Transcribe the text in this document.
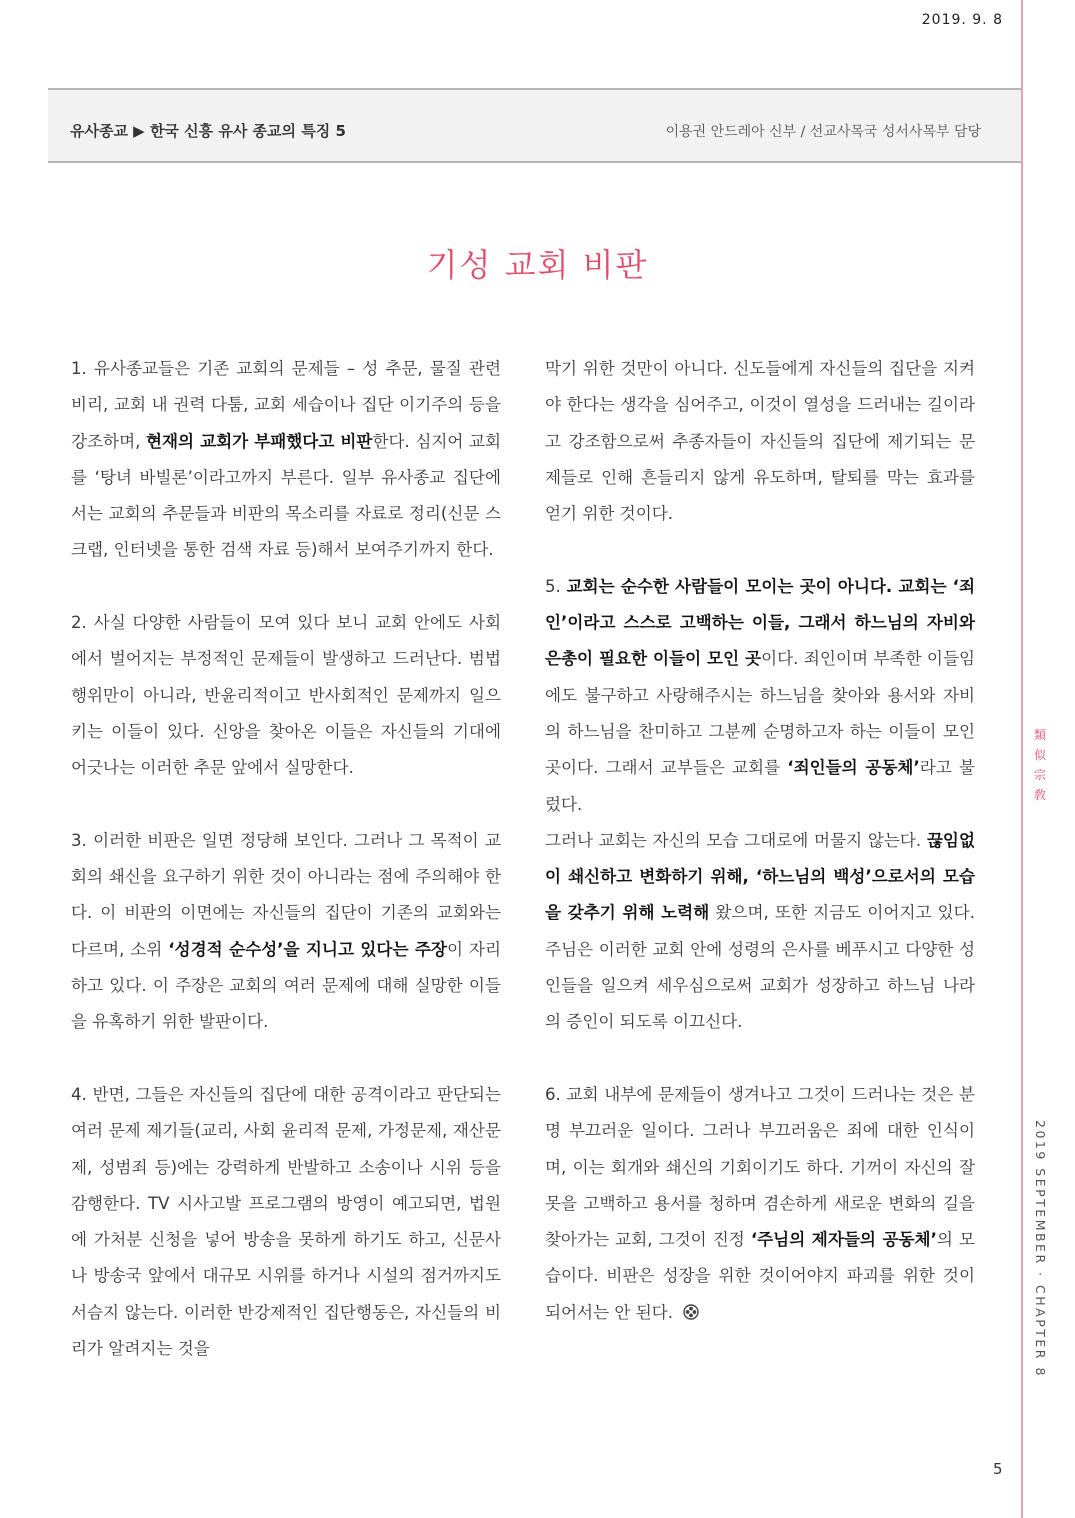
2019. 9. 8
유사종교 ▶ 한국 신흥 유사 종교의 특징 5	이용권 안드레아 신부 / 선교사목국 성서사목부 담당
기성 교회 비판

1. 유사종교들은 기존 교회의 문제들 – 성 추문, 물질 관련 비리, 교회 내 권력 다툼, 교회 세습이나 집단 이기주의 등을 강조하며, 현재의 교회가 부패했다고 비판한다. 심지어 교회를 ‘탕녀 바빌론’이라고까지 부른다. 일부 유사종교 집단에서는 교회의 추문들과 비판의 목소리를 자료로 정리(신문 스크랩, 인터넷을 통한 검색 자료 등)해서 보여주기까지 한다.

2. 사실 다양한 사람들이 모여 있다 보니 교회 안에도 사회에서 벌어지는 부정적인 문제들이 발생하고 드러난다. 범법 행위만이 아니라, 반윤리적이고 반사회적인 문제까지 일으키는 이들이 있다. 신앙을 찾아온 이들은 자신들의 기대에 어긋나는 이러한 추문 앞에서 실망한다.

3. 이러한 비판은 일면 정당해 보인다. 그러나 그 목적이 교회의 쇄신을 요구하기 위한 것이 아니라는 점에 주의해야 한다. 이 비판의 이면에는 자신들의 집단이 기존의 교회와는 다르며, 소위 ‘성경적 순수성’을 지니고 있다는 주장이 자리하고 있다. 이 주장은 교회의 여러 문제에 대해 실망한 이들을 유혹하기 위한 발판이다.

4. 반면, 그들은 자신들의 집단에 대한 공격이라고 판단되는 여러 문제 제기들(교리, 사회 윤리적 문제, 가정문제, 재산문제, 성범죄 등)에는 강력하게 반발하고 소송이나 시위 등을 감행한다. TV 시사고발 프로그램의 방영이 예고되면, 법원에 가처분 신청을 넣어 방송을 못하게 하기도 하고, 신문사나 방송국 앞에서 대규모 시위를 하거나 시설의 점거까지도 서슴지 않는다. 이러한 반강제적인 집단행동은, 자신들의 비리가 알려지는 것을

막기 위한 것만이 아니다. 신도들에게 자신들의 집단을 지켜야 한다는 생각을 심어주고, 이것이 열성을 드러내는 길이라고 강조함으로써 추종자들이 자신들의 집단에 제기되는 문제들로 인해 흔들리지 않게 유도하며, 탈퇴를 막는 효과를 얻기 위한 것이다.

5. 교회는 순수한 사람들이 모이는 곳이 아니다. 교회는 ‘죄인’이라고 스스로 고백하는 이들, 그래서 하느님의 자비와 은총이 필요한 이들이 모인 곳이다. 죄인이며 부족한 이들임에도 불구하고 사랑해주시는 하느님을 찾아와 용서와 자비의 하느님을 찬미하고 그분께 순명하고자 하는 이들이 모인 곳이다. 그래서 교부들은 교회를 ‘죄인들의 공동체’라고 불렀다.

그러나 교회는 자신의 모습 그대로에 머물지 않는다. 끊임없이 쇄신하고 변화하기 위해, ‘하느님의 백성’으로서의 모습을 갖추기 위해 노력해 왔으며, 또한 지금도 이어지고 있다. 주님은 이러한 교회 안에 성령의 은사를 베푸시고 다양한 성인들을 일으켜 세우심으로써 교회가 성장하고 하느님 나라의 증인이 되도록 이끄신다.

6. 교회 내부에 문제들이 생겨나고 그것이 드러나는 것은 분명 부끄러운 일이다. 그러나 부끄러움은 죄에 대한 인식이며, 이는 회개와 쇄신의 기회이기도 하다. 기꺼이 자신의 잘못을 고백하고 용서를 청하며 겸손하게 새로운 변화의 길을 찾아가는 교회, 그것이 진정 ‘주님의 제자들의 공동체’의 모습이다. 비판은 성장을 위한 것이어야지 파괴를 위한 것이 되어서는 안 된다.

類
似
宗
敎
2019 SEPTEMBER · CHAPTER 8
5
